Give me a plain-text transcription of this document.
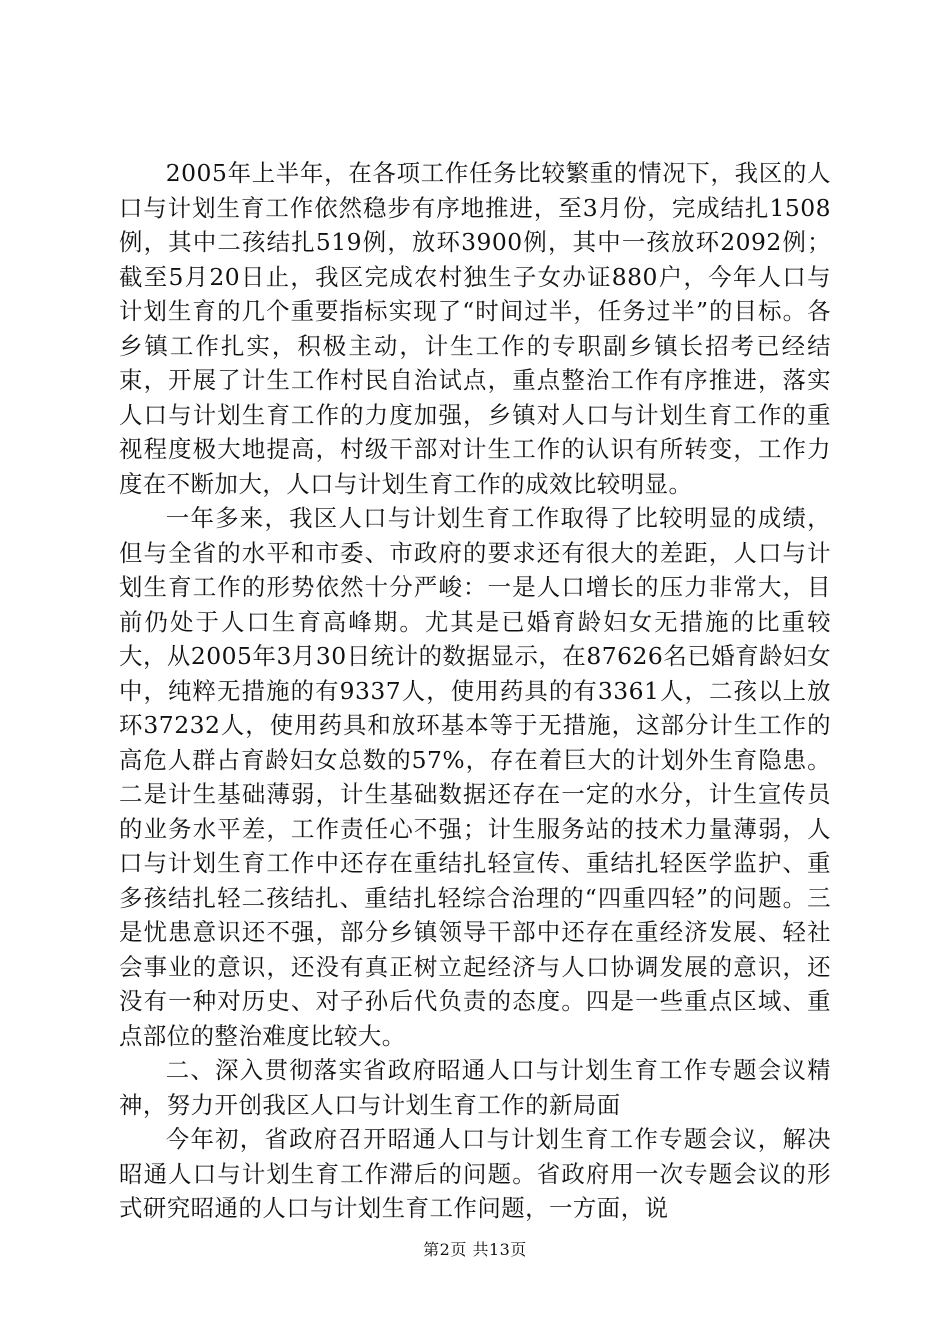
2005年上半年，在各项工作任务比较繁重的情况下，我区的人口与计划生育工作依然稳步有序地推进，至3月份，完成结扎1508例，其中二孩结扎519例，放环3900例，其中一孩放环2092例；截至5月20日止，我区完成农村独生子女办证880户，今年人口与计划生育的几个重要指标实现了“时间过半，任务过半”的目标。各乡镇工作扎实，积极主动，计生工作的专职副乡镇长招考已经结束，开展了计生工作村民自治试点，重点整治工作有序推进，落实人口与计划生育工作的力度加强，乡镇对人口与计划生育工作的重视程度极大地提高，村级干部对计生工作的认识有所转变，工作力度在不断加大，人口与计划生育工作的成效比较明显。

一年多来，我区人口与计划生育工作取得了比较明显的成绩，但与全省的水平和市委、市政府的要求还有很大的差距，人口与计划生育工作的形势依然十分严峻：一是人口增长的压力非常大，目前仍处于人口生育高峰期。尤其是已婚育龄妇女无措施的比重较大，从2005年3月30日统计的数据显示，在87626名已婚育龄妇女中，纯粹无措施的有9337人，使用药具的有3361人，二孩以上放环37232人，使用药具和放环基本等于无措施，这部分计生工作的高危人群占育龄妇女总数的57%，存在着巨大的计划外生育隐患。二是计生基础薄弱，计生基础数据还存在一定的水分，计生宣传员的业务水平差，工作责任心不强；计生服务站的技术力量薄弱，人口与计划生育工作中还存在重结扎轻宣传、重结扎轻医学监护、重多孩结扎轻二孩结扎、重结扎轻综合治理的“四重四轻”的问题。三是忧患意识还不强，部分乡镇领导干部中还存在重经济发展、轻社会事业的意识，还没有真正树立起经济与人口协调发展的意识，还没有一种对历史、对子孙后代负责的态度。四是一些重点区域、重点部位的整治难度比较大。

二、深入贯彻落实省政府昭通人口与计划生育工作专题会议精神，努力开创我区人口与计划生育工作的新局面

今年初，省政府召开昭通人口与计划生育工作专题会议，解决昭通人口与计划生育工作滞后的问题。省政府用一次专题会议的形式研究昭通的人口与计划生育工作问题，一方面，说

第2页 共13页
